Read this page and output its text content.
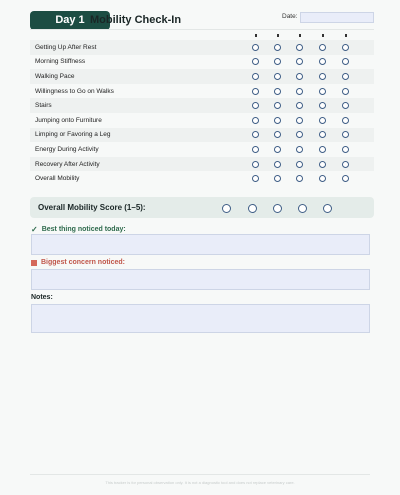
Day 1 Mobility Check-In	Date:
Getting Up After Rest
Morning Stiffness
Walking Pace
Willingness to Go on Walks
Stairs
Jumping onto Furniture
Limping or Favoring a Leg
Energy During Activity
Recovery After Activity
Overall Mobility
Overall Mobility Score (1–5):
✓ Best thing noticed today:
Biggest concern noticed:
Notes:
This tracker is for personal observation only. It is not a diagnostic tool and does not replace veterinary care.
